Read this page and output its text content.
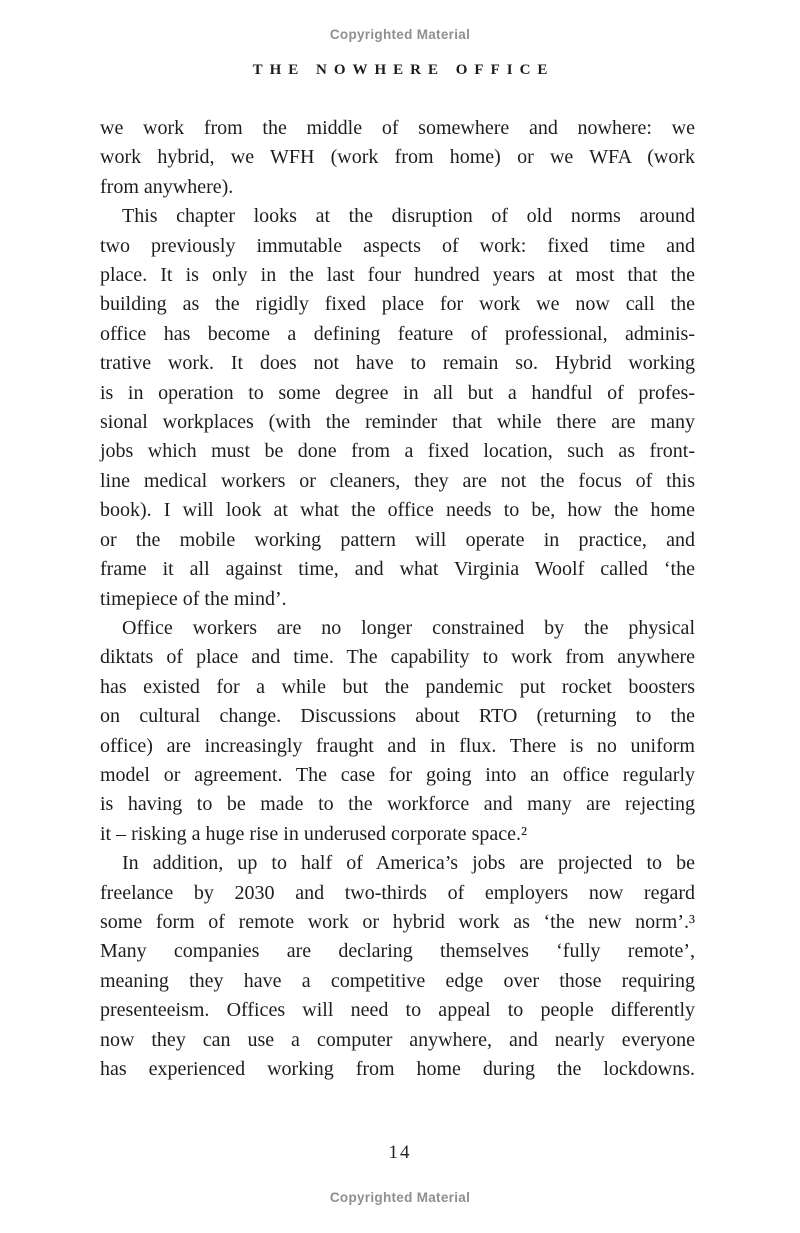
Copyrighted Material
THE NOWHERE OFFICE
we work from the middle of somewhere and nowhere: we
work hybrid, we WFH (work from home) or we WFA (work
from anywhere).
This chapter looks at the disruption of old norms around
two previously immutable aspects of work: fixed time and
place. It is only in the last four hundred years at most that the
building as the rigidly fixed place for work we now call the
office has become a defining feature of professional, adminis-
trative work. It does not have to remain so. Hybrid working
is in operation to some degree in all but a handful of profes-
sional workplaces (with the reminder that while there are many
jobs which must be done from a fixed location, such as front-
line medical workers or cleaners, they are not the focus of this
book). I will look at what the office needs to be, how the home
or the mobile working pattern will operate in practice, and
frame it all against time, and what Virginia Woolf called ‘the
timepiece of the mind’.
Office workers are no longer constrained by the physical
diktats of place and time. The capability to work from anywhere
has existed for a while but the pandemic put rocket boosters
on cultural change. Discussions about RTO (returning to the
office) are increasingly fraught and in flux. There is no uniform
model or agreement. The case for going into an office regularly
is having to be made to the workforce and many are rejecting
it – risking a huge rise in underused corporate space.²
In addition, up to half of America’s jobs are projected to be
freelance by 2030 and two-thirds of employers now regard
some form of remote work or hybrid work as ‘the new norm’.³
Many companies are declaring themselves ‘fully remote’,
meaning they have a competitive edge over those requiring
presenteeism. Offices will need to appeal to people differently
now they can use a computer anywhere, and nearly everyone
has experienced working from home during the lockdowns.
14
Copyrighted Material
